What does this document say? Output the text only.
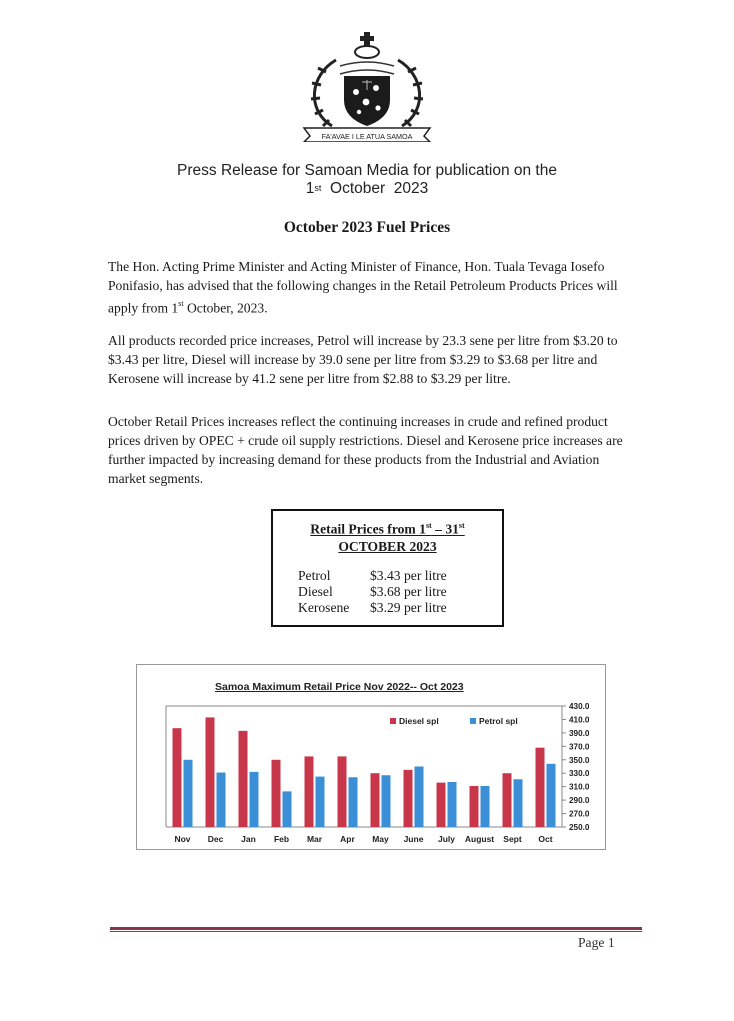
FA'AVAE I LE ATUA SAMOA
Press Release for Samoan Media for publication on the
1st October  2023
October 2023 Fuel Prices

The Hon. Acting Prime Minister and Acting Minister of Finance, Hon. Tuala Tevaga Iosefo Ponifasio, has advised that the following changes in the Retail Petroleum Products Prices will apply from 1st October, 2023.

All products recorded price increases, Petrol will increase by 23.3 sene per litre from $3.20 to $3.43 per litre, Diesel will increase by 39.0 sene per litre from $3.29 to $3.68 per litre and Kerosene will increase by 41.2 sene per litre from $2.88 to $3.29 per litre.

October Retail Prices increases reflect the continuing increases in crude and refined product prices driven by OPEC + crude oil supply restrictions. Diesel and Kerosene price increases are further impacted by increasing demand for these products from the Industrial and Aviation market segments.

Retail Prices from 1st – 31st
OCTOBER 2023
Petrol	$3.43 per litre
Diesel	$3.68 per litre
Kerosene	$3.29 per litre
Samoa Maximum Retail Price Nov 2022-- Oct 2023
430.0
410.0
390.0
370.0
350.0
330.0
310.0
290.0
270.0
250.0
Nov Dec Jan Feb Mar Apr May June July August Sept Oct
Diesel spl	Petrol spl
Page 1
